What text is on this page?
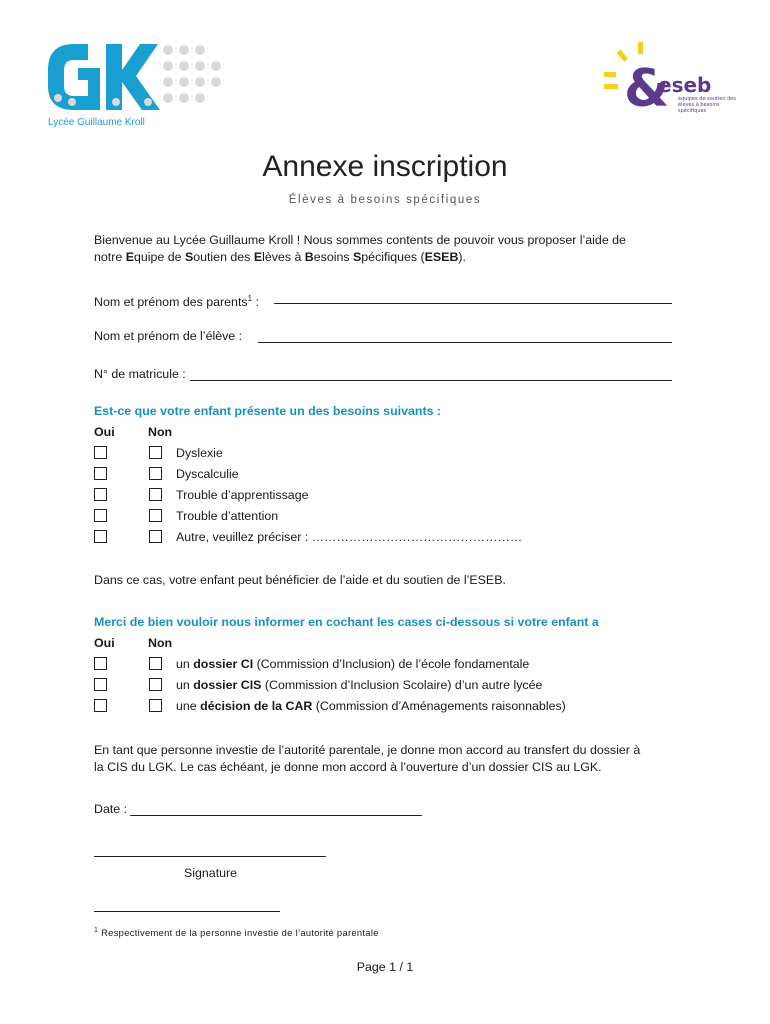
Lycée Guillaume Kroll
&
eseb
équipes de soutien des élèves à besoins spécifiques
Annexe inscription
Élèves à besoins spécifiques
Bienvenue au Lycée Guillaume Kroll ! Nous sommes contents de pouvoir vous proposer l’aide de
notre Equipe de Soutien des Elèves à Besoins Spécifiques (ESEB).
Nom et prénom des parents$^1$ :
Nom et prénom de l’élève :
N° de matricule :
Est-ce que votre enfant présente un des besoins suivants :
Oui	Non
Dyslexie
Dyscalculie
Trouble d’apprentissage
Trouble d’attention
Autre, veuillez préciser : ……………………………………………
Dans ce cas, votre enfant peut bénéficier de l’aide et du soutien de l’ESEB.
Merci de bien vouloir nous informer en cochant les cases ci-dessous si votre enfant a
Oui	Non
un dossier CI (Commission d’Inclusion) de l’école fondamentale
un dossier CIS (Commission d’Inclusion Scolaire) d’un autre lycée
une décision de la CAR (Commission d’Aménagements raisonnables)
En tant que personne investie de l’autorité parentale, je donne mon accord au transfert du dossier à
la CIS du LGK. Le cas échéant, je donne mon accord à l’ouverture d’un dossier CIS au LGK.
Date :
Signature
$^1$ Respectivement de la personne investie de l’autorité parentale
Page 1 / 1
